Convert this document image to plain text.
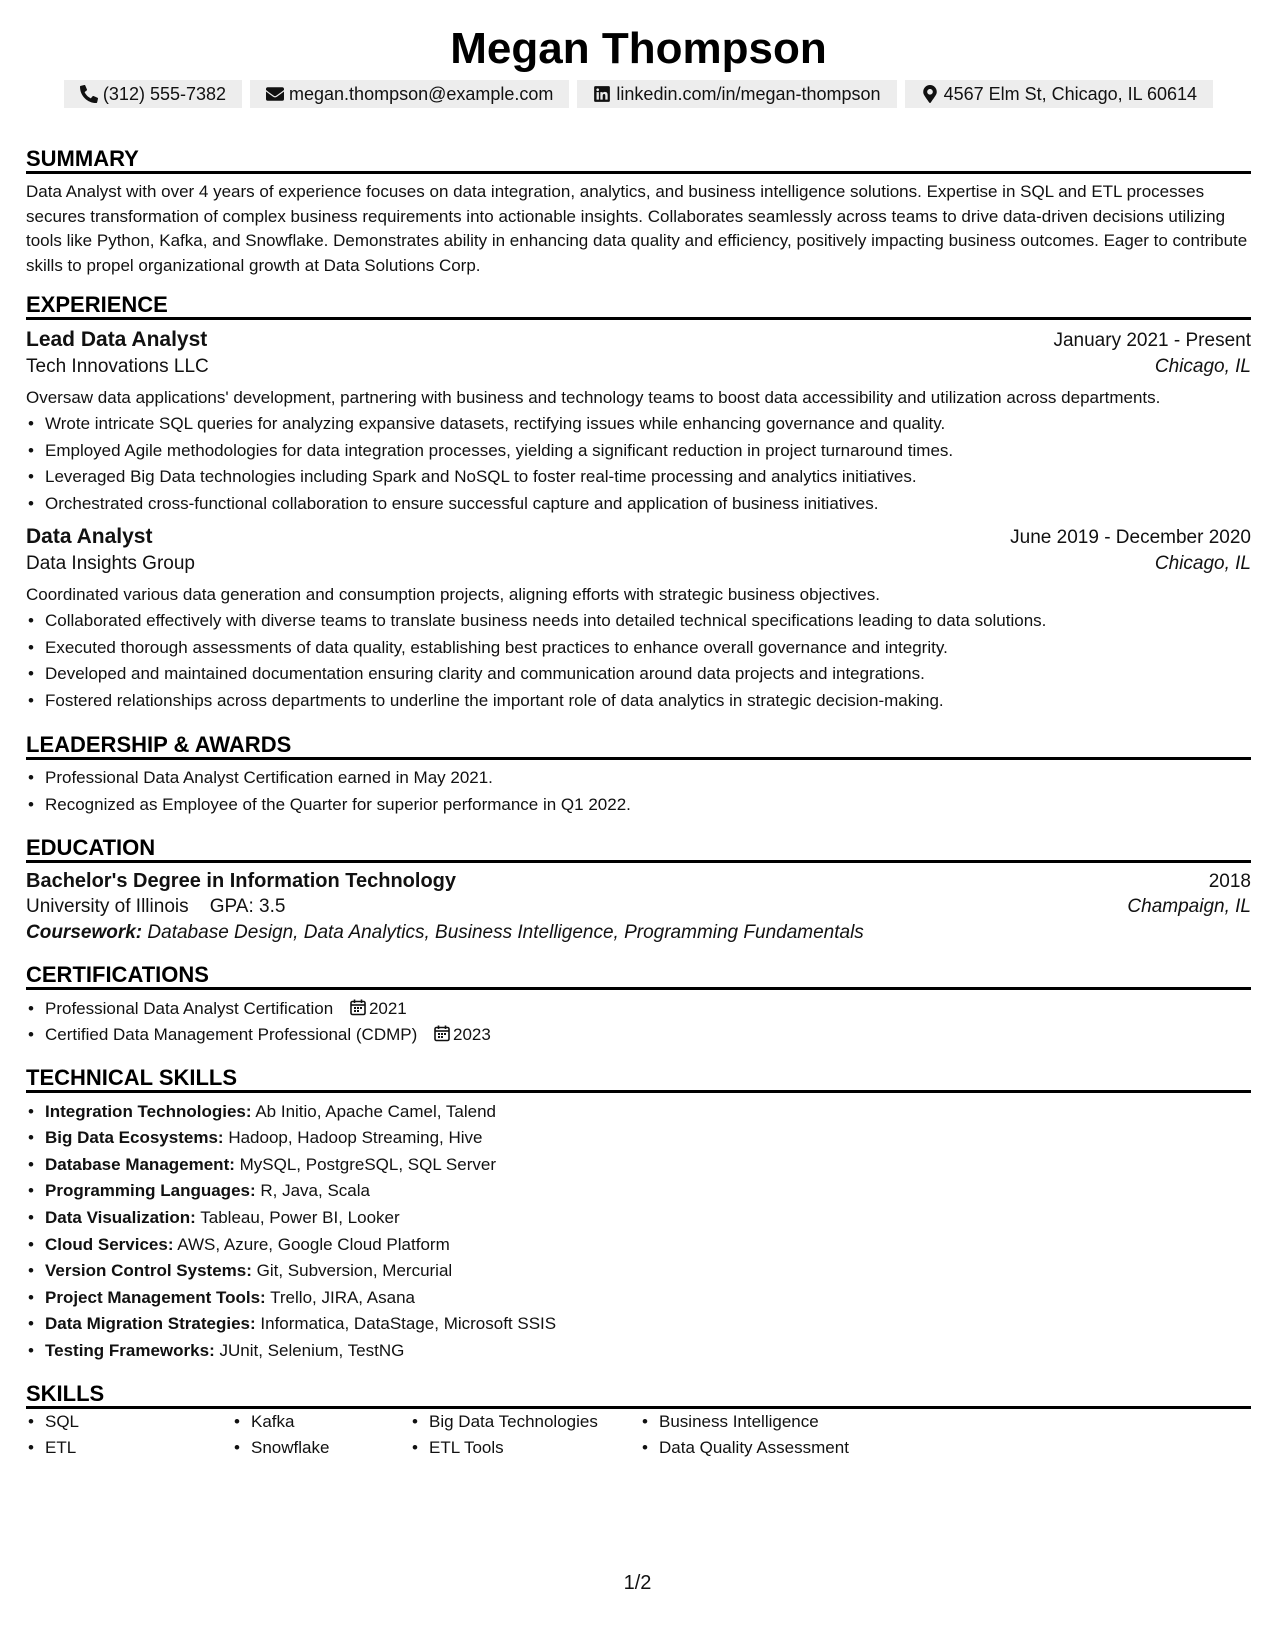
Megan Thompson
(312) 555-7382	megan.thompson@example.com	linkedin.com/in/megan-thompson	4567 Elm St, Chicago, IL 60614
SUMMARY
Data Analyst with over 4 years of experience focuses on data integration, analytics, and business intelligence solutions. Expertise in SQL and ETL processes secures transformation of complex business requirements into actionable insights. Collaborates seamlessly across teams to drive data-driven decisions utilizing tools like Python, Kafka, and Snowflake. Demonstrates ability in enhancing data quality and efficiency, positively impacting business outcomes. Eager to contribute skills to propel organizational growth at Data Solutions Corp.
EXPERIENCE
Lead Data Analyst	January 2021 - Present
Tech Innovations LLC	Chicago, IL
Oversaw data applications' development, partnering with business and technology teams to boost data accessibility and utilization across departments.
• Wrote intricate SQL queries for analyzing expansive datasets, rectifying issues while enhancing governance and quality.
• Employed Agile methodologies for data integration processes, yielding a significant reduction in project turnaround times.
• Leveraged Big Data technologies including Spark and NoSQL to foster real-time processing and analytics initiatives.
• Orchestrated cross-functional collaboration to ensure successful capture and application of business initiatives.
Data Analyst	June 2019 - December 2020
Data Insights Group	Chicago, IL
Coordinated various data generation and consumption projects, aligning efforts with strategic business objectives.
• Collaborated effectively with diverse teams to translate business needs into detailed technical specifications leading to data solutions.
• Executed thorough assessments of data quality, establishing best practices to enhance overall governance and integrity.
• Developed and maintained documentation ensuring clarity and communication around data projects and integrations.
• Fostered relationships across departments to underline the important role of data analytics in strategic decision-making.
LEADERSHIP & AWARDS
• Professional Data Analyst Certification earned in May 2021.
• Recognized as Employee of the Quarter for superior performance in Q1 2022.
EDUCATION
Bachelor's Degree in Information Technology	2018
University of Illinois GPA: 3.5	Champaign, IL
Coursework: Database Design, Data Analytics, Business Intelligence, Programming Fundamentals
CERTIFICATIONS
• Professional Data Analyst Certification 2021
• Certified Data Management Professional (CDMP) 2023
TECHNICAL SKILLS
• Integration Technologies: Ab Initio, Apache Camel, Talend
• Big Data Ecosystems: Hadoop, Hadoop Streaming, Hive
• Database Management: MySQL, PostgreSQL, SQL Server
• Programming Languages: R, Java, Scala
• Data Visualization: Tableau, Power BI, Looker
• Cloud Services: AWS, Azure, Google Cloud Platform
• Version Control Systems: Git, Subversion, Mercurial
• Project Management Tools: Trello, JIRA, Asana
• Data Migration Strategies: Informatica, DataStage, Microsoft SSIS
• Testing Frameworks: JUnit, Selenium, TestNG
SKILLS
• SQL	• Kafka	• Big Data Technologies	• Business Intelligence
• ETL	• Snowflake	• ETL Tools	• Data Quality Assessment
1/2
